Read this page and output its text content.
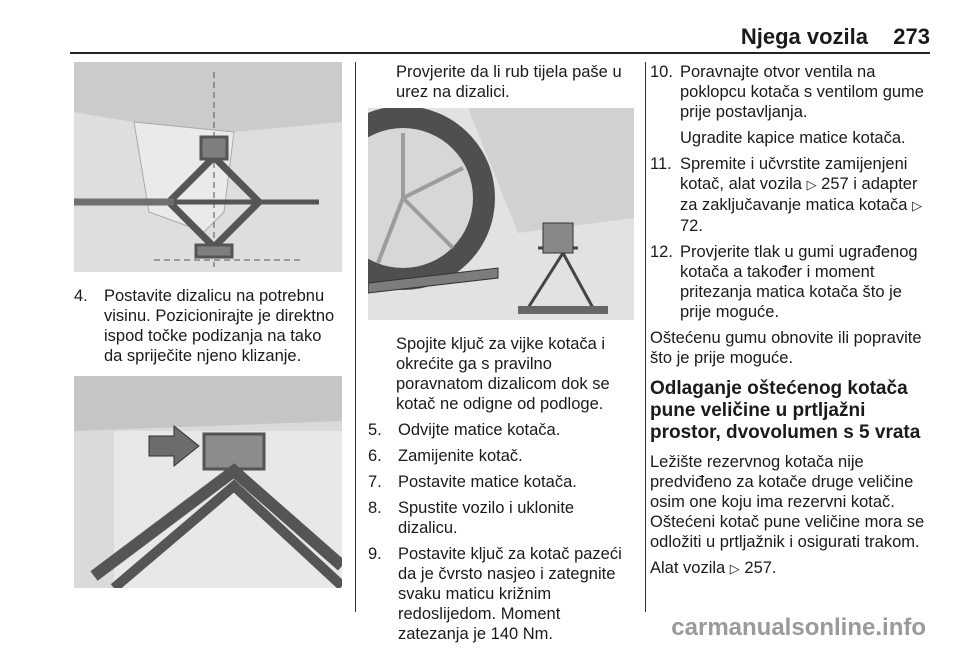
Njega vozila 273
4. Postavite dizalicu na potrebnu visinu. Pozicionirajte je direktno ispod točke podizanja na tako da spriječite njeno klizanje.

Provjerite da li rub tijela paše u urez na dizalici.

Spojite ključ za vijke kotača i okrećite ga s pravilno poravnatom dizalicom dok se kotač ne odigne od podloge.

5. Odvijte matice kotača.
6. Zamijenite kotač.
7. Postavite matice kotača.
8. Spustite vozilo i uklonite dizalicu.
9. Postavite ključ za kotač pazeći da je čvrsto nasjeo i zategnite svaku maticu križnim redoslijedom. Moment zatezanja je 140 Nm.
10. Poravnajte otvor ventila na poklopcu kotača s ventilom gume prije postavljanja.

Ugradite kapice matice kotača.

11. Spremite i učvrstite zamijenjeni kotač, alat vozila ▷ 257 i adapter za zaključavanje matica kotača ▷ 72.
12. Provjerite tlak u gumi ugrađenog kotača a također i moment pritezanja matica kotača što je prije moguće.

Oštećenu gumu obnovite ili popravite što je prije moguće.

Odlaganje oštećenog kotača pune veličine u prtljažni prostor, dvovolumen s 5 vrata

Ležište rezervnog kotača nije predviđeno za kotače druge veličine osim one koju ima rezervni kotač. Oštećeni kotač pune veličine mora se odložiti u prtljažnik i osigurati trakom.

Alat vozila ▷ 257.

carmanualsonline.info
